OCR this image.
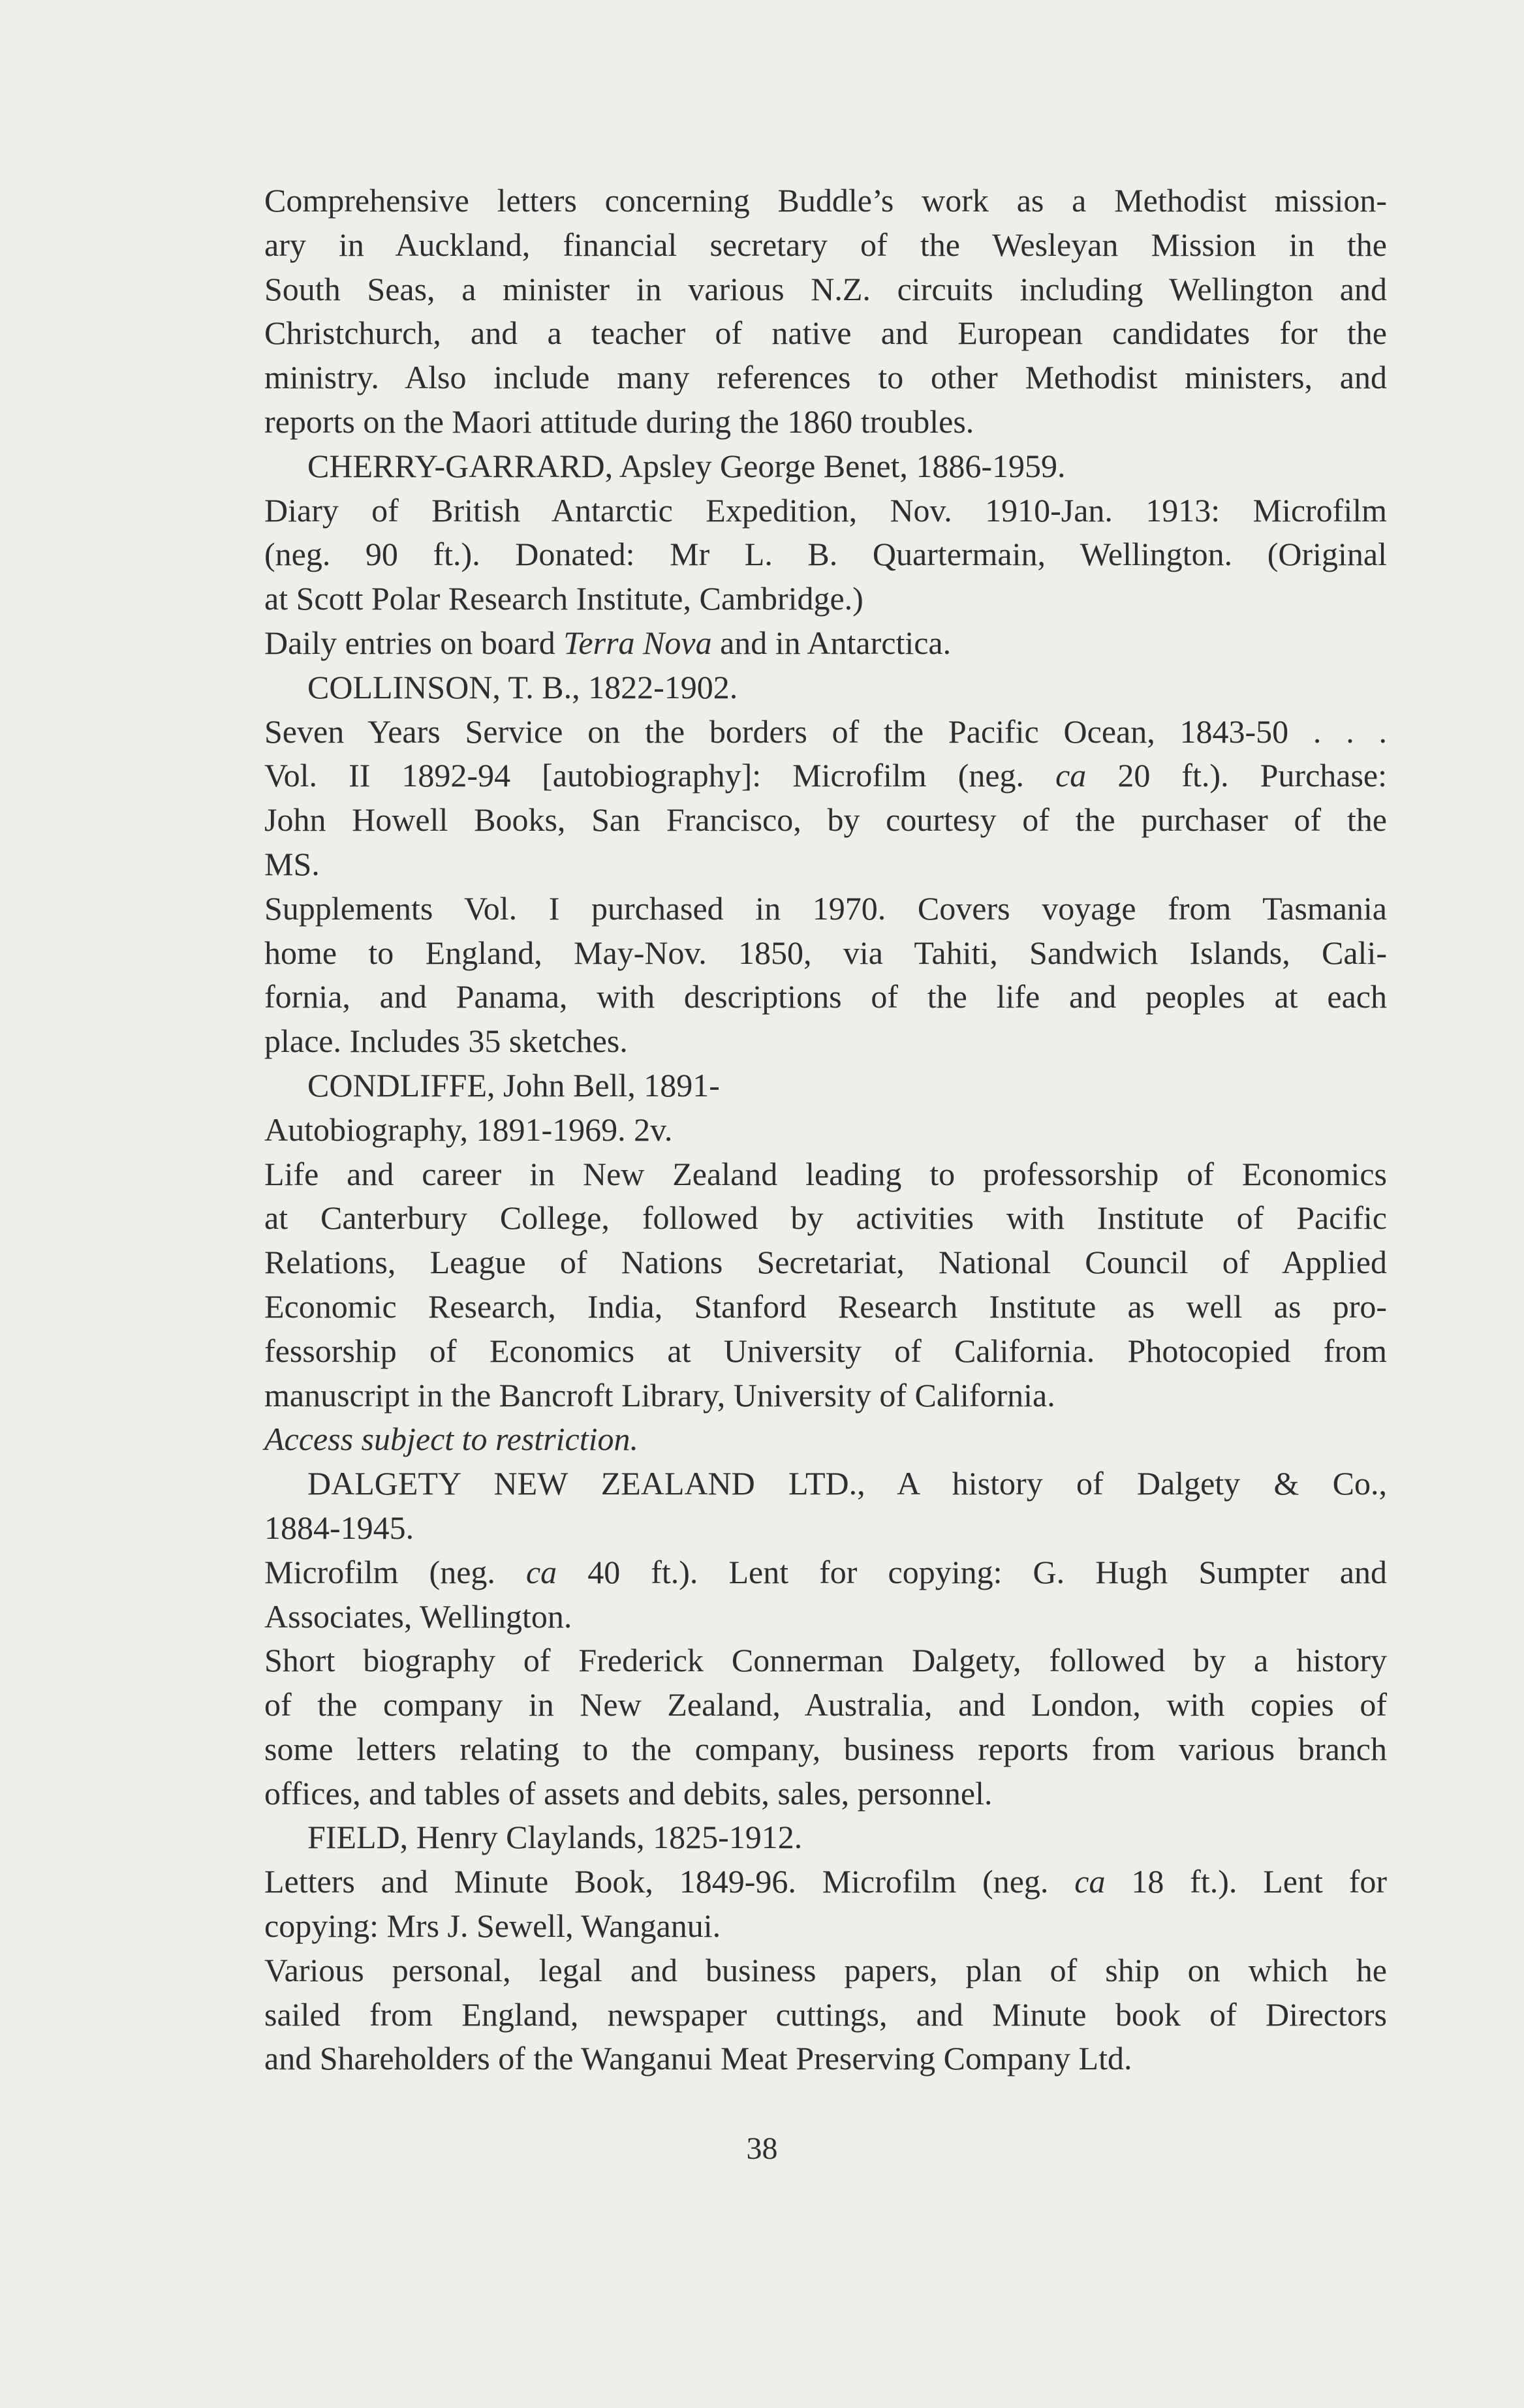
Comprehensive letters concerning Buddle’s work as a Methodist mission-
ary in Auckland, financial secretary of the Wesleyan Mission in the
South Seas, a minister in various N.Z. circuits including Wellington and
Christchurch, and a teacher of native and European candidates for the
ministry. Also include many references to other Methodist ministers, and
reports on the Maori attitude during the 1860 troubles.
CHERRY-GARRARD, Apsley George Benet, 1886-1959.
Diary of British Antarctic Expedition, Nov. 1910-Jan. 1913: Microfilm
(neg. 90 ft.). Donated: Mr L. B. Quartermain, Wellington. (Original
at Scott Polar Research Institute, Cambridge.)
Daily entries on board Terra Nova and in Antarctica.
COLLINSON, T. B., 1822-1902.
Seven Years Service on the borders of the Pacific Ocean, 1843-50 . . .
Vol. II 1892-94 [autobiography]: Microfilm (neg. ca 20 ft.). Purchase:
John Howell Books, San Francisco, by courtesy of the purchaser of the
MS.
Supplements Vol. I purchased in 1970. Covers voyage from Tasmania
home to England, May-Nov. 1850, via Tahiti, Sandwich Islands, Cali-
fornia, and Panama, with descriptions of the life and peoples at each
place. Includes 35 sketches.
CONDLIFFE, John Bell, 1891-
Autobiography, 1891-1969. 2v.
Life and career in New Zealand leading to professorship of Economics
at Canterbury College, followed by activities with Institute of Pacific
Relations, League of Nations Secretariat, National Council of Applied
Economic Research, India, Stanford Research Institute as well as pro-
fessorship of Economics at University of California. Photocopied from
manuscript in the Bancroft Library, University of California.
Access subject to restriction.
DALGETY NEW ZEALAND LTD., A history of Dalgety & Co.,
1884-1945.
Microfilm (neg. ca 40 ft.). Lent for copying: G. Hugh Sumpter and
Associates, Wellington.
Short biography of Frederick Connerman Dalgety, followed by a history
of the company in New Zealand, Australia, and London, with copies of
some letters relating to the company, business reports from various branch
offices, and tables of assets and debits, sales, personnel.
FIELD, Henry Claylands, 1825-1912.
Letters and Minute Book, 1849-96. Microfilm (neg. ca 18 ft.). Lent for
copying: Mrs J. Sewell, Wanganui.
Various personal, legal and business papers, plan of ship on which he
sailed from England, newspaper cuttings, and Minute book of Directors
and Shareholders of the Wanganui Meat Preserving Company Ltd.
38
